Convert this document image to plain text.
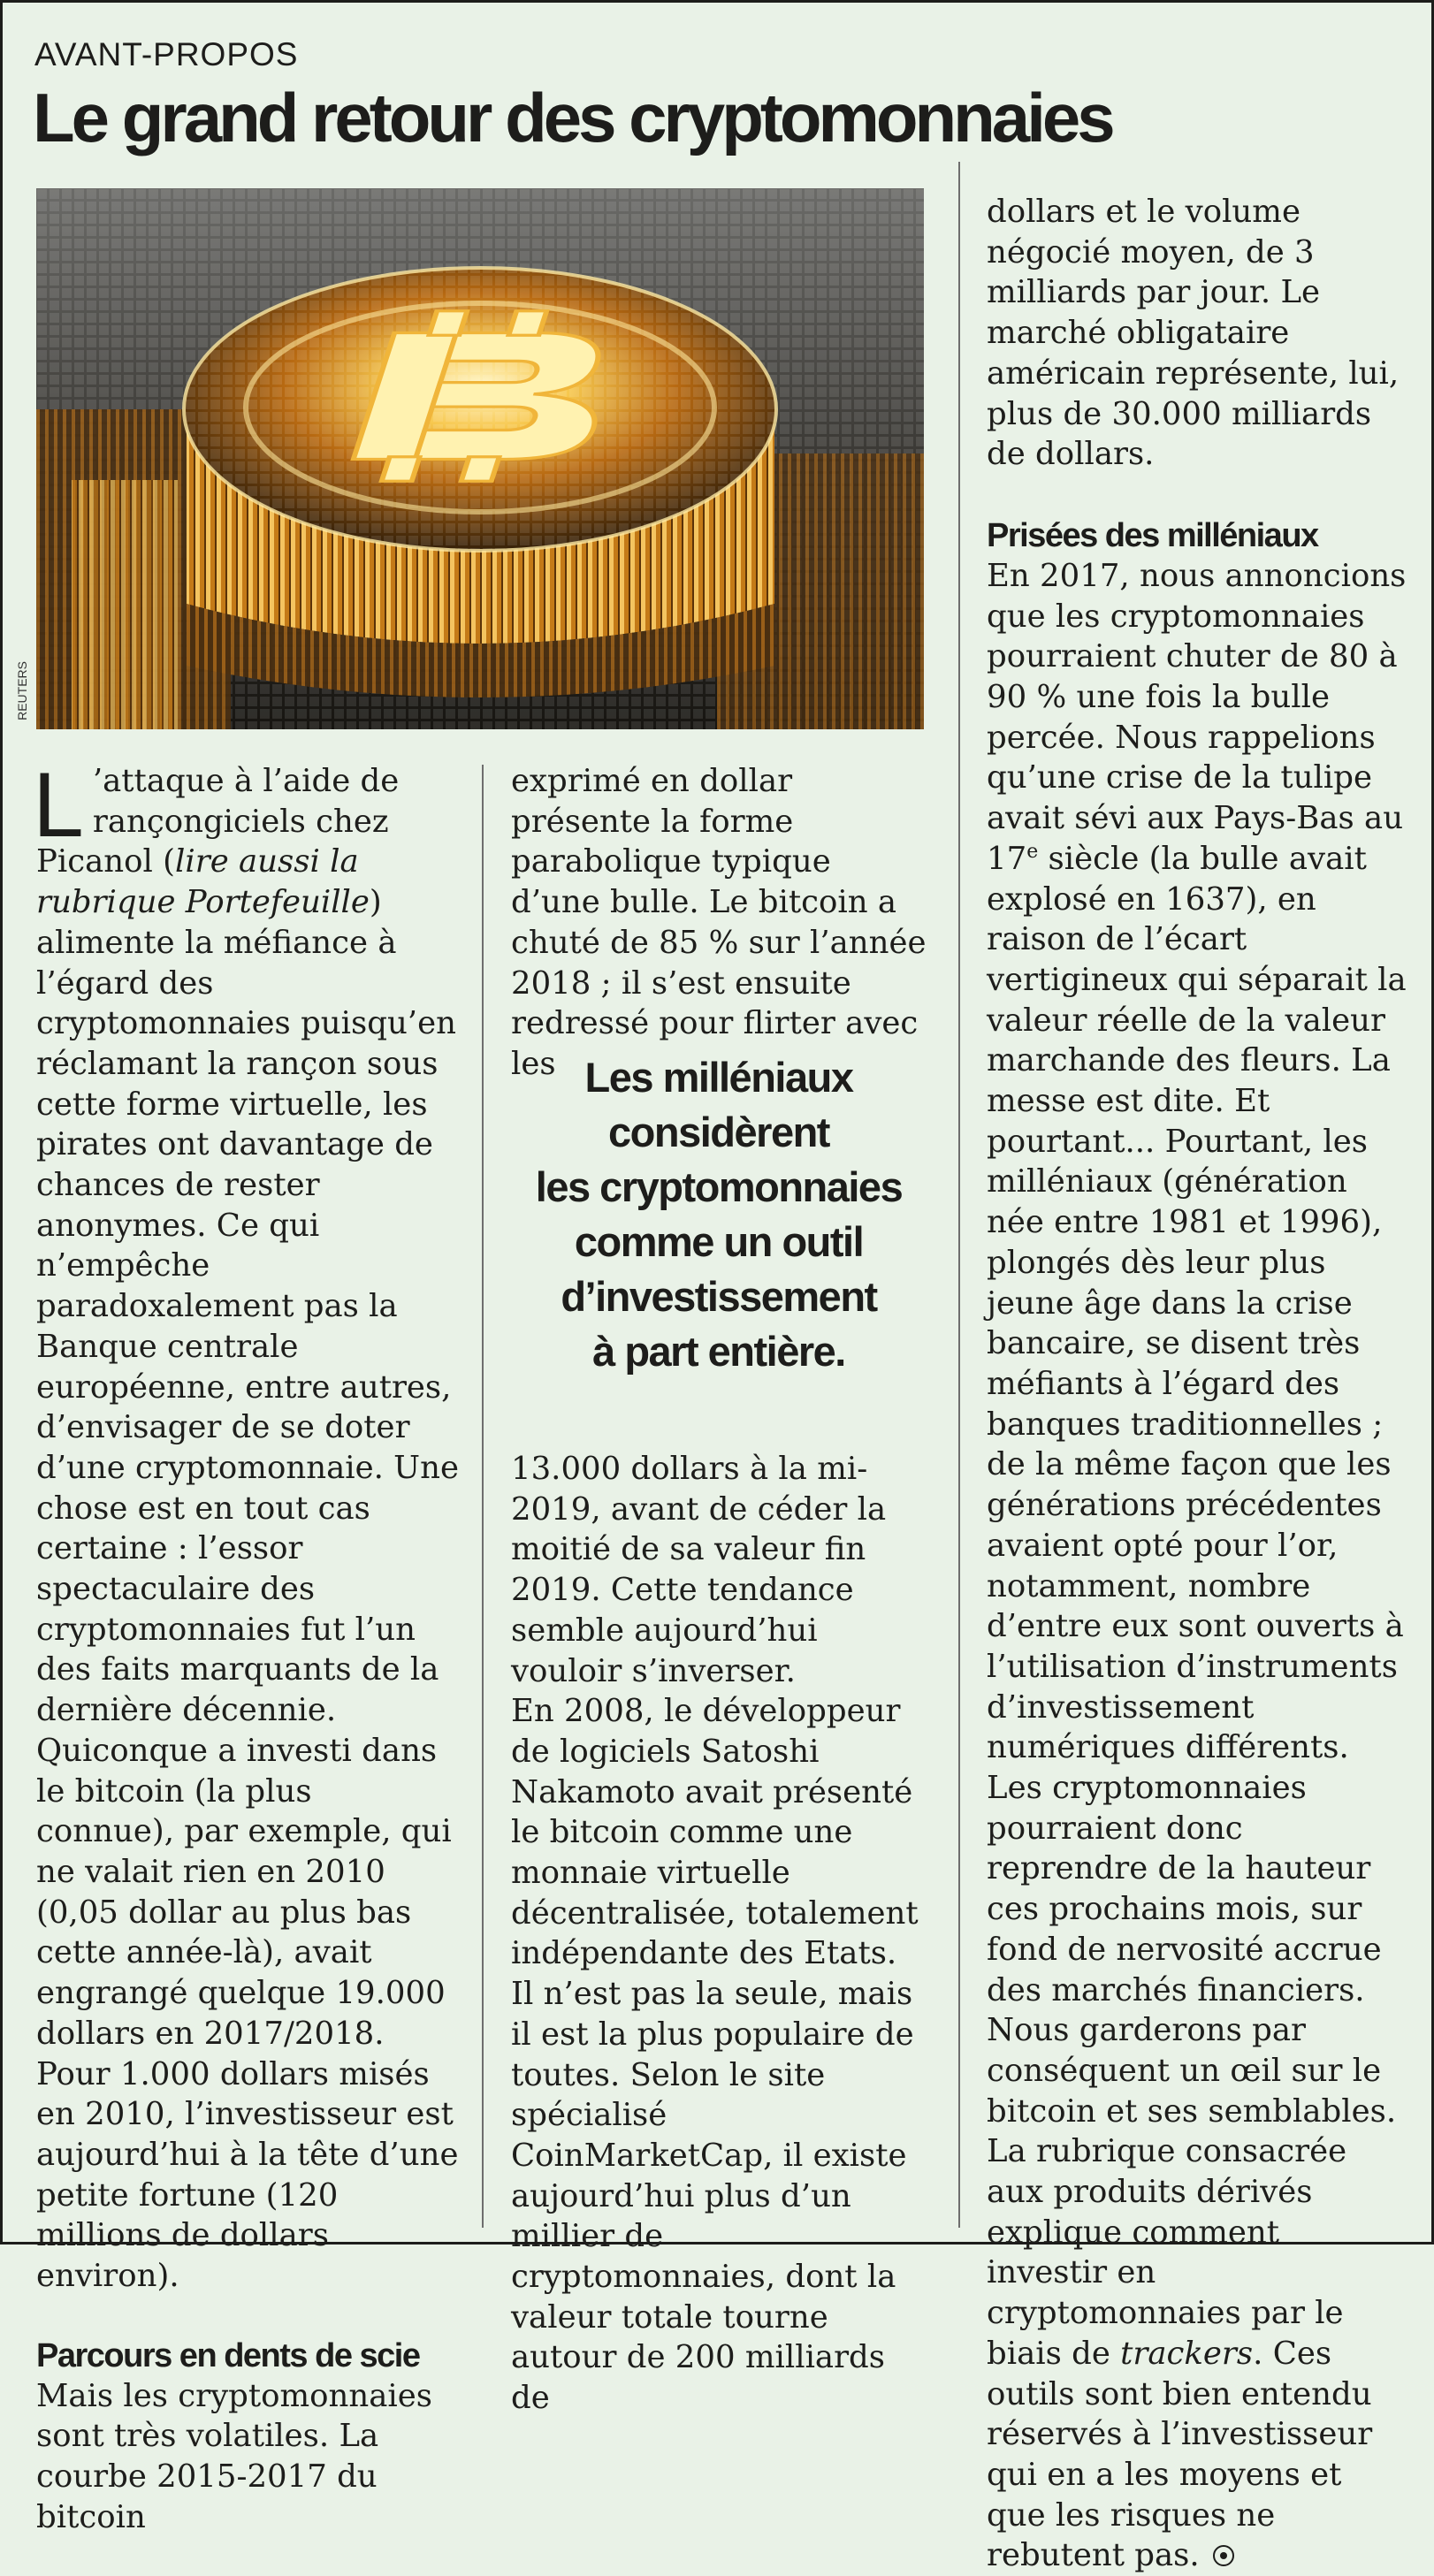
AVANT-PROPOS
Le grand retour des cryptomonnaies
REUTERS

L ’attaque à l’aide de rançongiciels chez Picanol (lire aussi la rubrique Portefeuille) alimente la méfiance à l’égard des cryptomonnaies puisqu’en réclamant la rançon sous cette forme virtuelle, les pirates ont davantage de chances de rester anonymes. Ce qui n’empêche paradoxalement pas la Banque centrale européenne, entre autres, d’envisager de se doter d’une cryptomonnaie. Une chose est en tout cas certaine : l’essor spectaculaire des cryptomonnaies fut l’un des faits marquants de la dernière décennie. Quiconque a investi dans le bitcoin (la plus connue), par exemple, qui ne valait rien en 2010 (0,05 dollar au plus bas cette année-là), avait engrangé quelque 19.000 dollars en 2017/2018. Pour 1.000 dollars misés en 2010, l’investisseur est aujourd’hui à la tête d’une petite fortune (120 millions de dollars environ).

Parcours en dents de scie

Mais les cryptomonnaies sont très volatiles. La courbe 2015-2017 du bitcoin

exprimé en dollar présente la forme parabolique typique d’une bulle. Le bitcoin a chuté de 85 % sur l’année 2018 ; il s’est ensuite redressé pour flirter avec les Les milléniaux
considèrent
les cryptomonnaies
comme un outil
d’investissement
à part entière.

13.000 dollars à la mi-2019, avant de céder la moitié de sa valeur fin 2019. Cette tendance semble aujourd’hui vouloir s’inverser.

En 2008, le développeur de logiciels Satoshi Nakamoto avait présenté le bitcoin comme une monnaie virtuelle décentralisée, totalement indépendante des Etats. Il n’est pas la seule, mais il est la plus populaire de toutes. Selon le site spécialisé CoinMarketCap, il existe aujourd’hui plus d’un millier de cryptomonnaies, dont la valeur totale tourne autour de 200 milliards de

dollars et le volume négocié moyen, de 3 milliards par jour. Le marché obligataire américain représente, lui, plus de 30.000 milliards de dollars.

Prisées des milléniaux

En 2017, nous annoncions que les cryptomonnaies pourraient chuter de 80 à 90 % une fois la bulle percée. Nous rappelions qu’une crise de la tulipe avait sévi aux Pays-Bas au 17e siècle (la bulle avait explosé en 1637), en raison de l’écart vertigineux qui séparait la valeur réelle de la valeur marchande des fleurs. La messe est dite. Et pourtant... Pourtant, les milléniaux (génération née entre 1981 et 1996), plongés dès leur plus jeune âge dans la crise bancaire, se disent très méfiants à l’égard des banques traditionnelles ; de la même façon que les générations précédentes avaient opté pour l’or, notamment, nombre d’entre eux sont ouverts à l’utilisation d’instruments d’investissement numériques différents. Les cryptomonnaies pourraient donc reprendre de la hauteur ces prochains mois, sur fond de nervosité accrue des marchés financiers. Nous garderons par conséquent un œil sur le bitcoin et ses semblables. La rubrique consacrée aux produits dérivés explique comment investir en cryptomonnaies par le biais de trackers. Ces outils sont bien entendu réservés à l’investisseur qui en a les moyens et que les risques ne rebutent pas.
